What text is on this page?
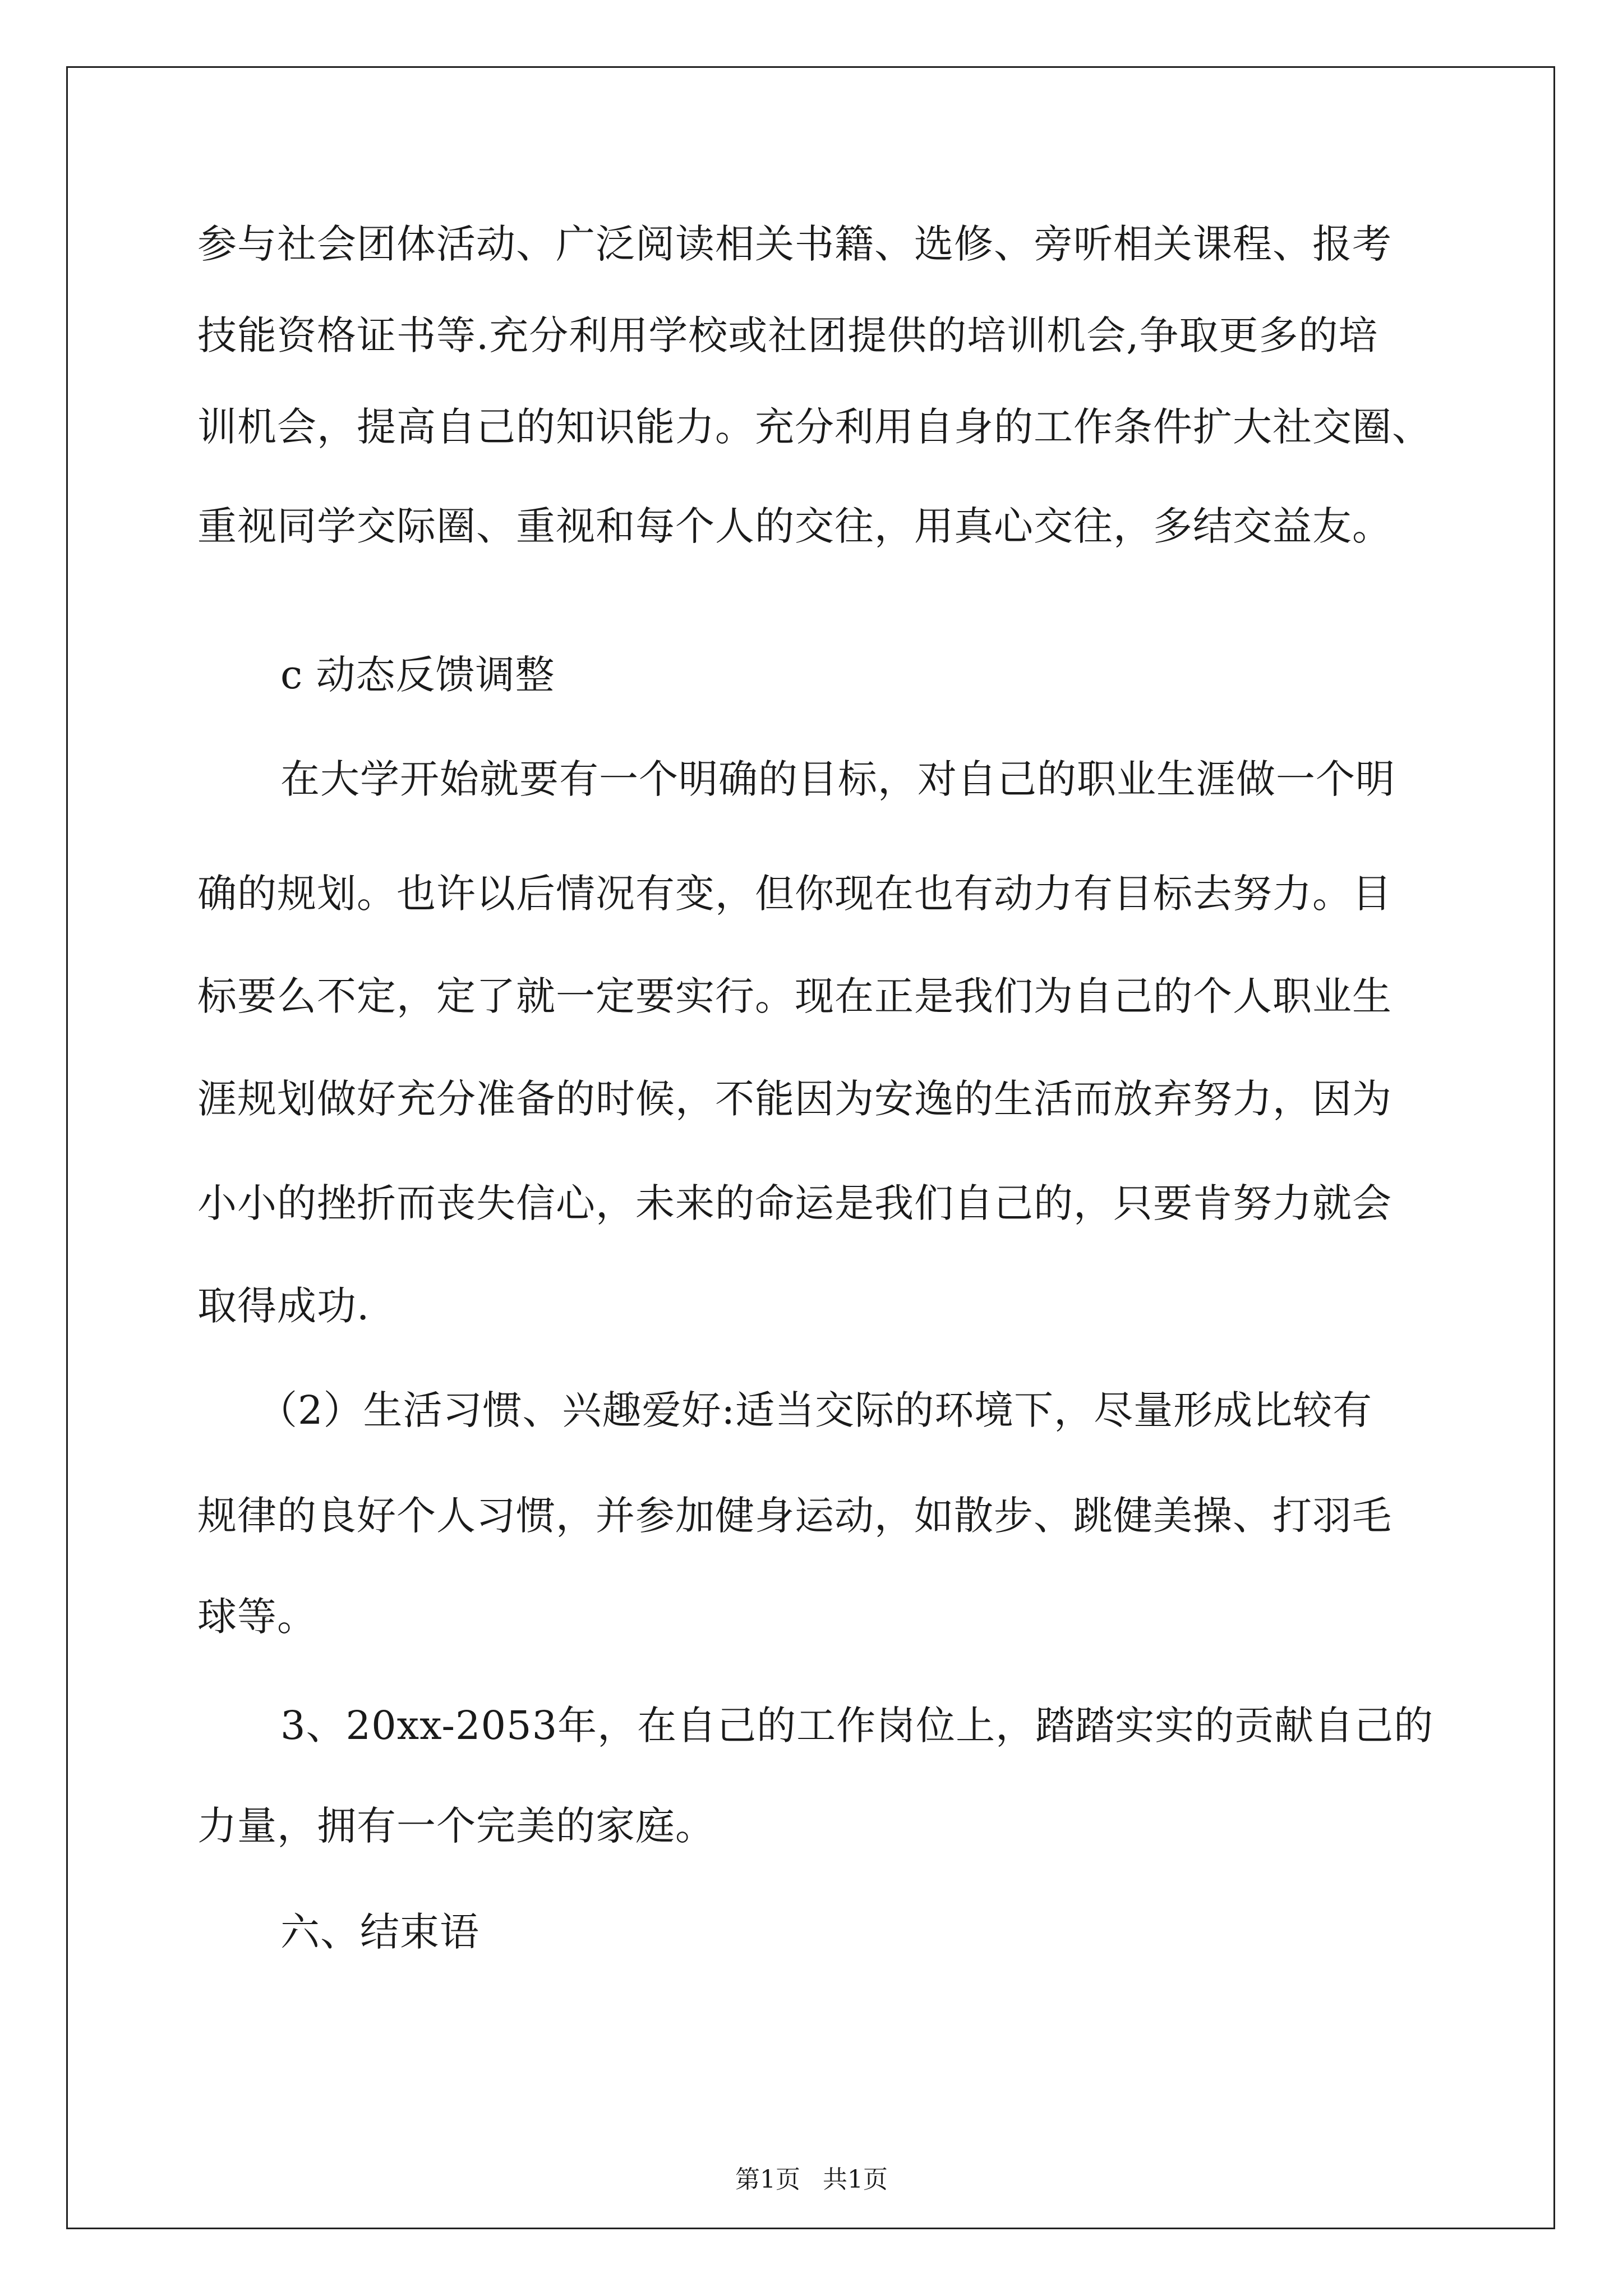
参与社会团体活动、广泛阅读相关书籍、选修、旁听相关课程、报考
技能资格证书等.充分利用学校或社团提供的培训机会,争取更多的培
训机会，提高自己的知识能力。充分利用自身的工作条件扩大社交圈、
重视同学交际圈、重视和每个人的交往，用真心交往，多结交益友。
c 动态反馈调整
在大学开始就要有一个明确的目标，对自己的职业生涯做一个明
确的规划。也许以后情况有变，但你现在也有动力有目标去努力。目
标要么不定，定了就一定要实行。现在正是我们为自己的个人职业生
涯规划做好充分准备的时候，不能因为安逸的生活而放弃努力，因为
小小的挫折而丧失信心，未来的命运是我们自己的，只要肯努力就会
取得成功.
（2）生活习惯、兴趣爱好:适当交际的环境下，尽量形成比较有
规律的良好个人习惯，并参加健身运动，如散步、跳健美操、打羽毛
球等。
3、20xx-2053年，在自己的工作岗位上，踏踏实实的贡献自己的
力量，拥有一个完美的家庭。
六、结束语
第1页 共1页
